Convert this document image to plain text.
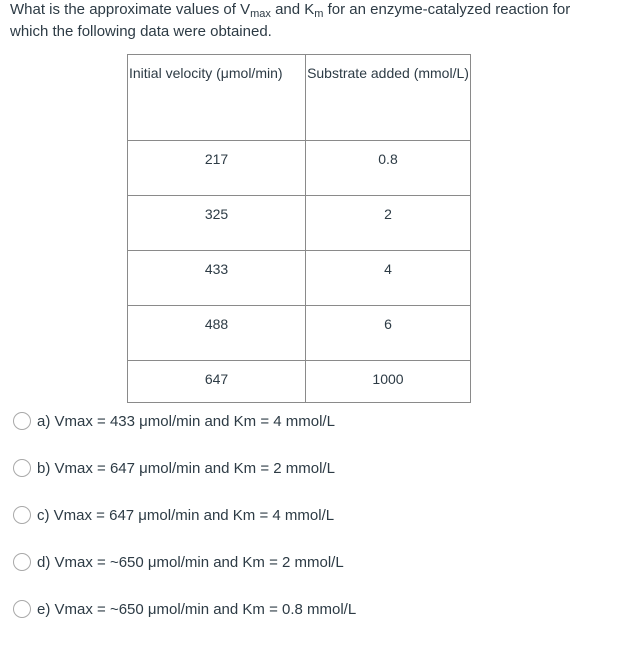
What is the approximate values of $V_{max}$ and $K_m$ for an enzyme-catalyzed reaction for which the following data were obtained.

Initial velocity (μmol/min)	Substrate added (mmol/L)
217	0.8
325	2
433	4
488	6
647	1000
a) Vmax = 433 μmol/min and Km = 4 mmol/L
b) Vmax = 647 μmol/min and Km = 2 mmol/L
c) Vmax = 647 μmol/min and Km = 4 mmol/L
d) Vmax = ~650 μmol/min and Km = 2 mmol/L
e) Vmax = ~650 μmol/min and Km = 0.8 mmol/L
